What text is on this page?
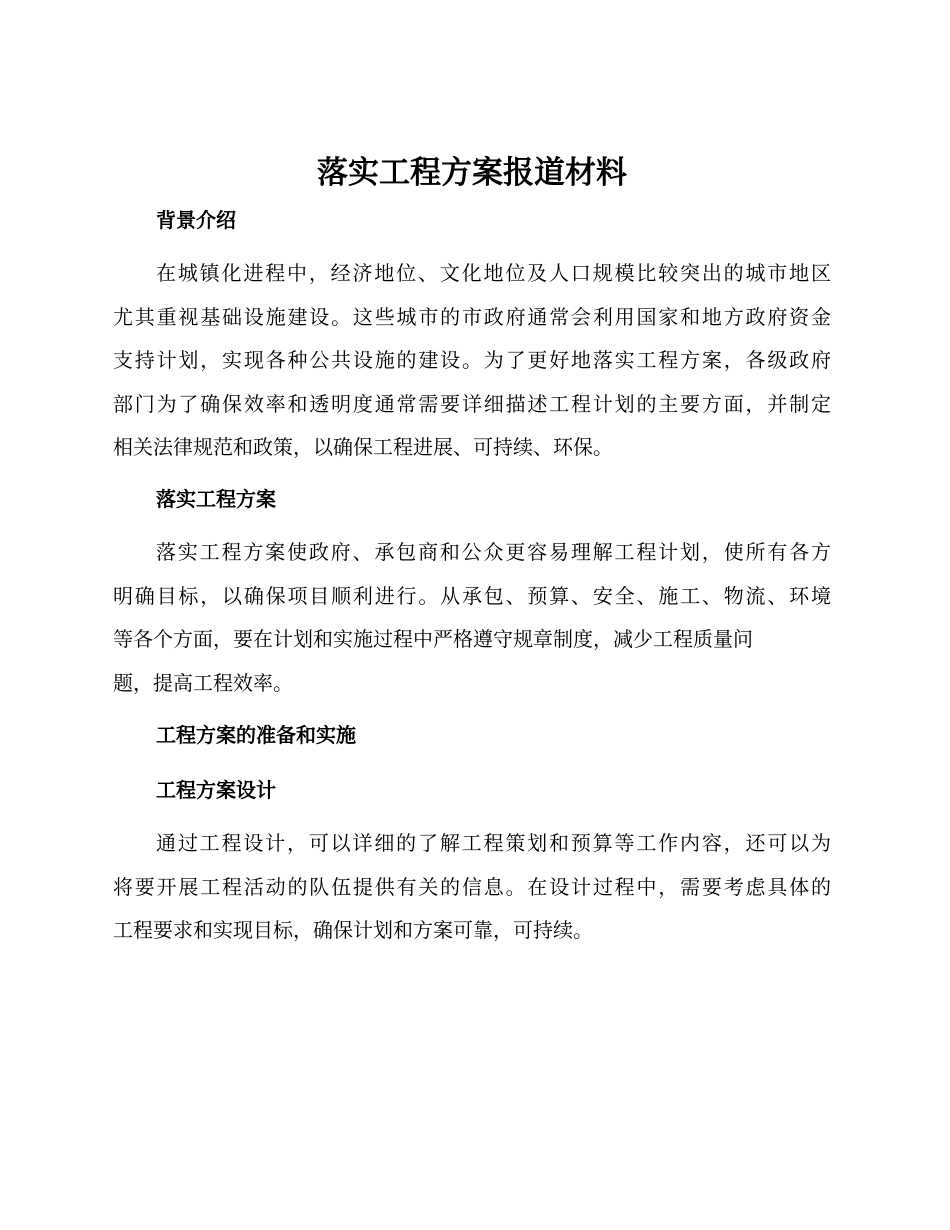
落实工程方案报道材料
背景介绍
在城镇化进程中，经济地位、文化地位及人口规模比较突出的城市地区
尤其重视基础设施建设。这些城市的市政府通常会利用国家和地方政府资金
支持计划，实现各种公共设施的建设。为了更好地落实工程方案，各级政府
部门为了确保效率和透明度通常需要详细描述工程计划的主要方面，并制定
相关法律规范和政策，以确保工程进展、可持续、环保。
落实工程方案
落实工程方案使政府、承包商和公众更容易理解工程计划，使所有各方
明确目标，以确保项目顺利进行。从承包、预算、安全、施工、物流、环境
等各个方面，要在计划和实施过程中严格遵守规章制度，减少工程质量问
题，提高工程效率。
工程方案的准备和实施
工程方案设计
通过工程设计，可以详细的了解工程策划和预算等工作内容，还可以为
将要开展工程活动的队伍提供有关的信息。在设计过程中，需要考虑具体的
工程要求和实现目标，确保计划和方案可靠，可持续。
